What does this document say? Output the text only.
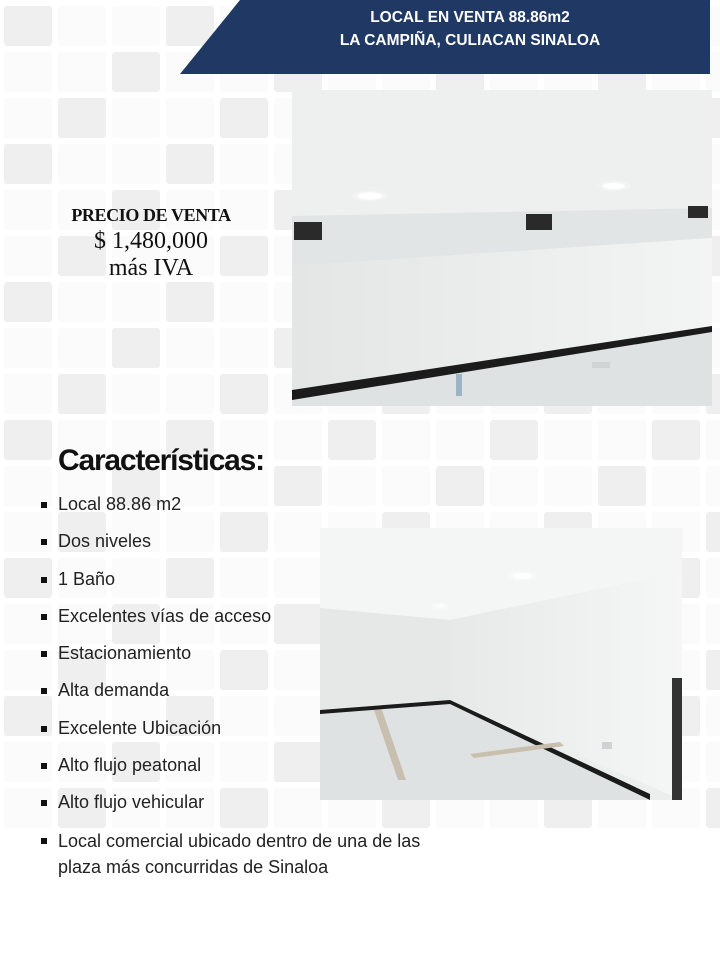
LOCAL EN VENTA 88.86m2
LA CAMPIÑA, CULIACAN SINALOA
PRECIO DE VENTA
$ 1,480,000
más IVA
Características:
Local 88.86 m2
Dos niveles
1 Baño
Excelentes vías de acceso
Estacionamiento
Alta demanda
Excelente Ubicación
Alto flujo peatonal
Alto flujo vehicular
Local comercial ubicado dentro de una de las plaza más concurridas de Sinaloa
